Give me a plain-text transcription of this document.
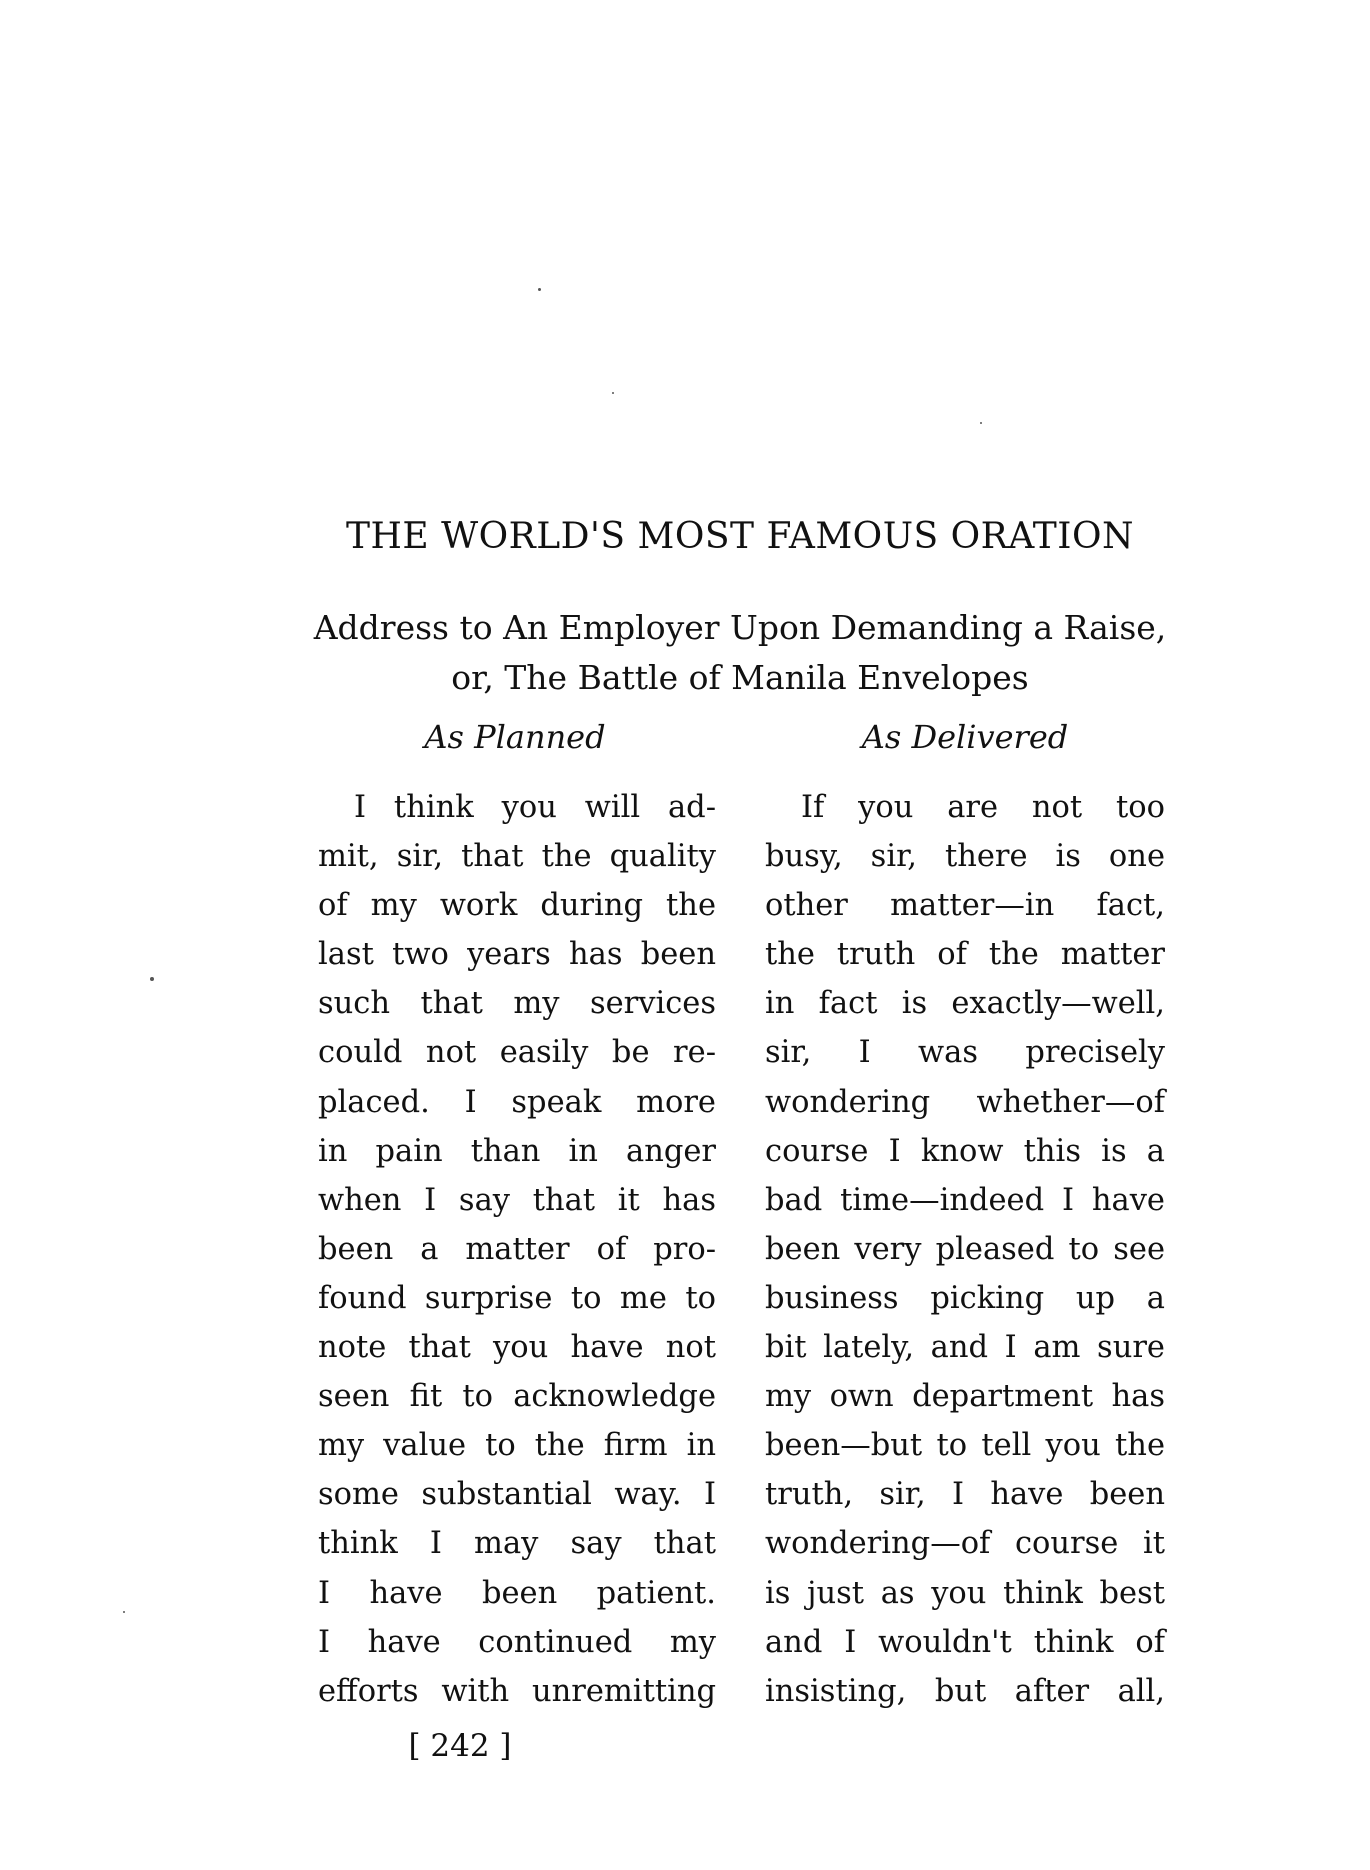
THE WORLD'S MOST FAMOUS ORATION
Address to An Employer Upon Demanding a Raise,
or, The Battle of Manila Envelopes
As Planned	As Delivered
I think you will ad-
mit, sir, that the quality
of my work during the
last two years has been
such that my services
could not easily be re-
placed. I speak more
in pain than in anger
when I say that it has
been a matter of pro-
found surprise to me to
note that you have not
seen fit to acknowledge
my value to the firm in
some substantial way. I
think I may say that
I have been patient.
I have continued my
efforts with unremitting
If you are not too
busy, sir, there is one
other matter—in fact,
the truth of the matter
in fact is exactly—well,
sir, I was precisely
wondering whether—of
course I know this is a
bad time—indeed I have
been very pleased to see
business picking up a
bit lately, and I am sure
my own department has
been—but to tell you the
truth, sir, I have been
wondering—of course it
is just as you think best
and I wouldn't think of
insisting, but after all,
[ 242 ]
